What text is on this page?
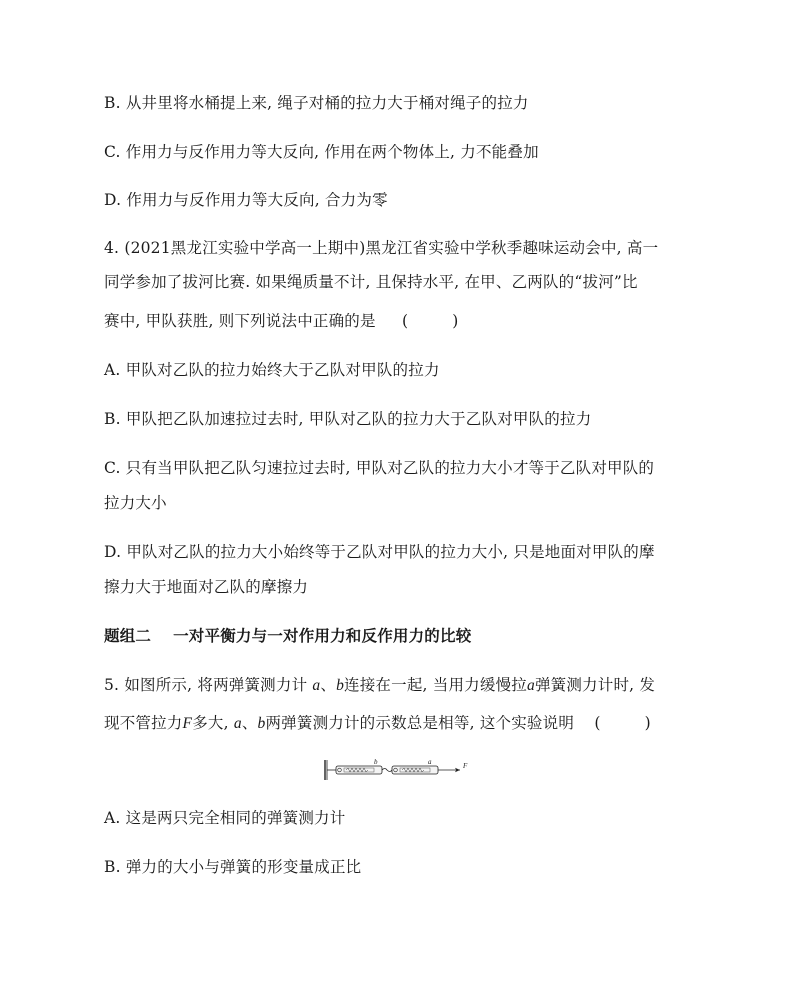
B. 从井里将水桶提上来, 绳子对桶的拉力大于桶对绳子的拉力
C. 作用力与反作用力等大反向, 作用在两个物体上, 力不能叠加
D. 作用力与反作用力等大反向, 合力为零
4. (2021黑龙江实验中学高一上期中)黑龙江省实验中学秋季趣味运动会中, 高一
同学参加了拔河比赛. 如果绳质量不计, 且保持水平, 在甲、乙两队的“拔河”比
赛中, 甲队获胜, 则下列说法中正确的是 (	)
A. 甲队对乙队的拉力始终大于乙队对甲队的拉力
B. 甲队把乙队加速拉过去时, 甲队对乙队的拉力大于乙队对甲队的拉力
C. 只有当甲队把乙队匀速拉过去时, 甲队对乙队的拉力大小才等于乙队对甲队的
拉力大小
D. 甲队对乙队的拉力大小始终等于乙队对甲队的拉力大小, 只是地面对甲队的摩
擦力大于地面对乙队的摩擦力
题组二 一对平衡力与一对作用力和反作用力的比较
5. 如图所示, 将两弹簧测力计 a、b连接在一起, 当用力缓慢拉a弹簧测力计时, 发
现不管拉力F多大, a、b两弹簧测力计的示数总是相等, 这个实验说明 (	)
b	a	F
A. 这是两只完全相同的弹簧测力计
B. 弹力的大小与弹簧的形变量成正比
